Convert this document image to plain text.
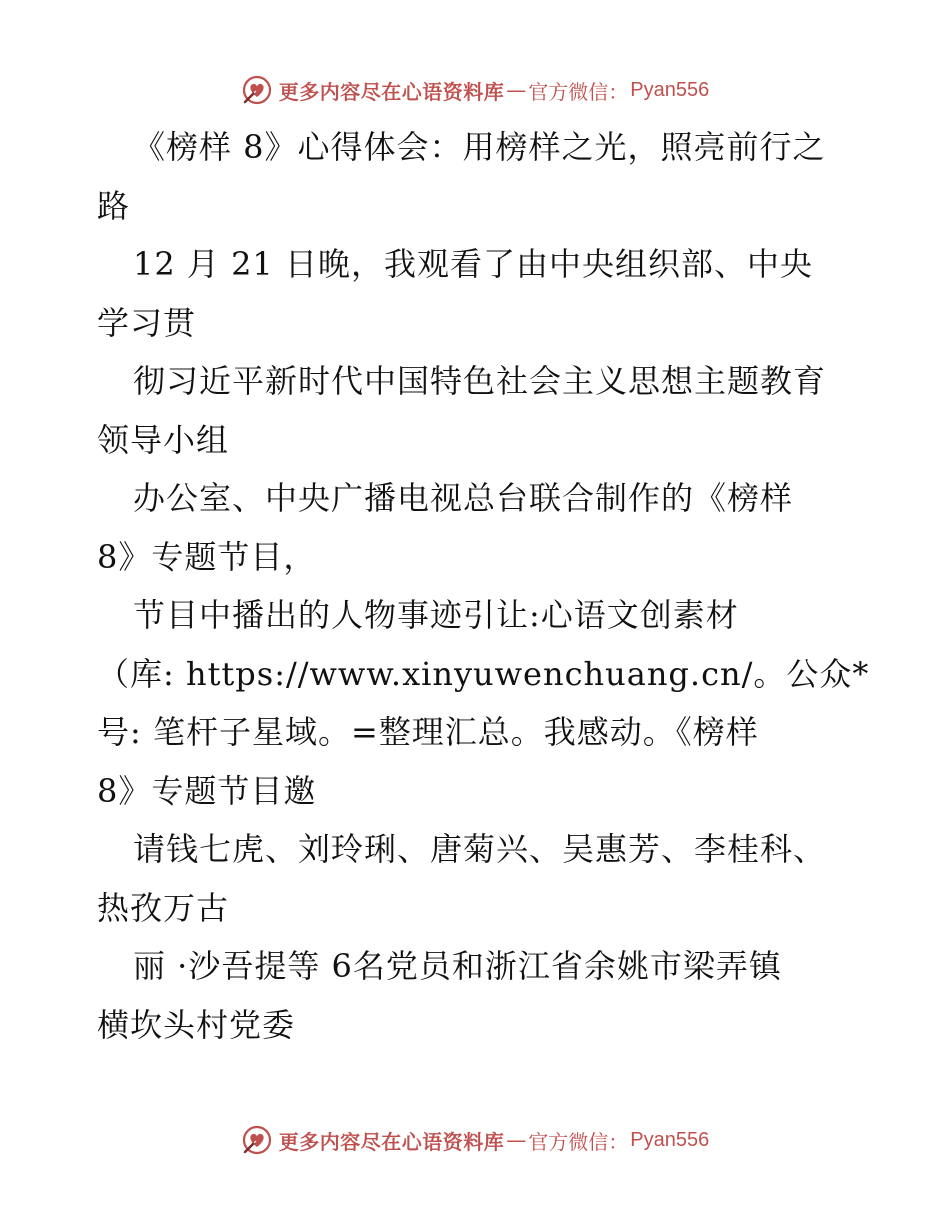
更多内容尽在心语资料库 — 官方微信： Pyan556
《榜样 8》心得体会：用榜样之光，照亮前行之
路
12 月 21 日晚，我观看了由中央组织部、中央
学习贯
彻习近平新时代中国特色社会主义思想主题教育
领导小组
办公室、中央广播电视总台联合制作的《榜样
8》专题节目，
节目中播出的人物事迹引让:心语文创素材
（库: https://www.xinyuwenchuang.cn/。公众*
号: 笔杆子星域。=整理汇总。我感动。《榜样
8》专题节目邀
请钱七虎、刘玲琍、唐菊兴、吴惠芳、李桂科、
热孜万古
丽 ·沙吾提等 6名党员和浙江省余姚市梁弄镇
横坎头村党委
更多内容尽在心语资料库 — 官方微信： Pyan556
